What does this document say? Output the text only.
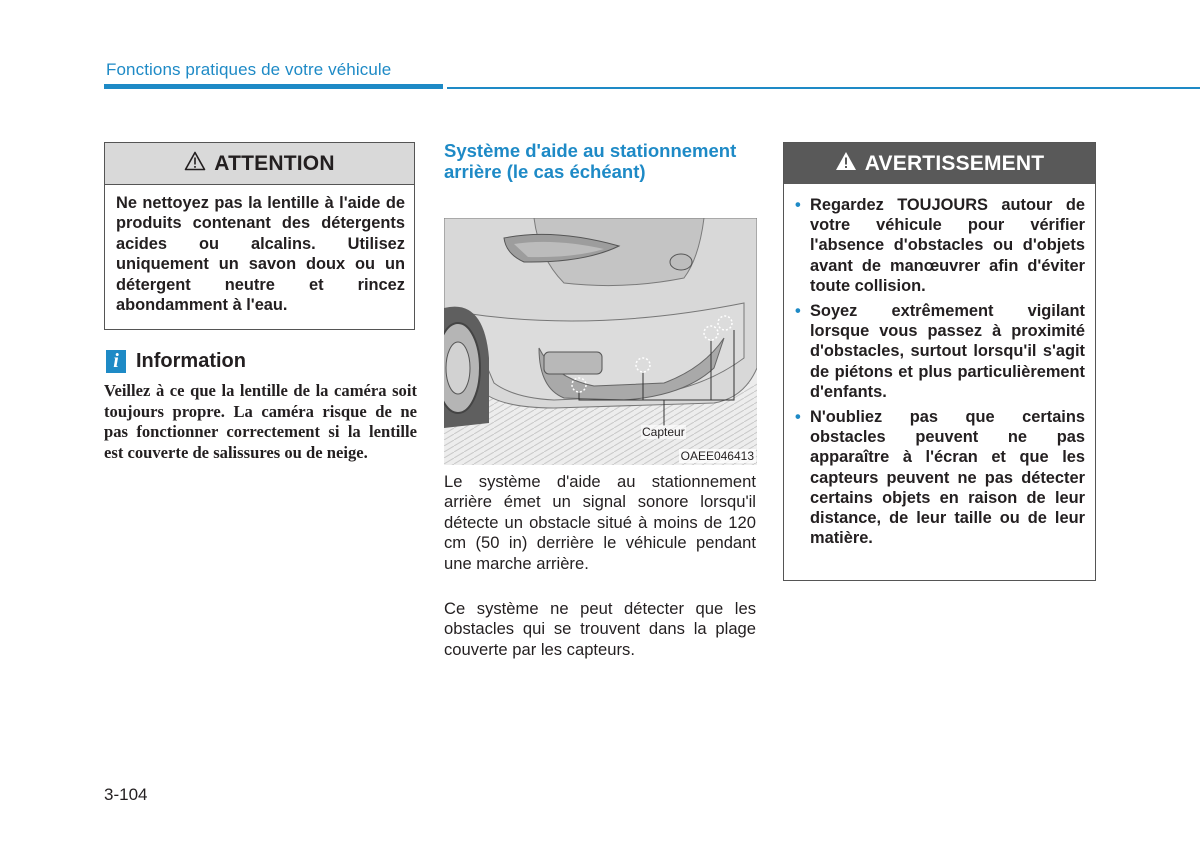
Fonctions pratiques de votre véhicule
ATTENTION
Ne nettoyez pas la lentille à l'aide de produits contenant des détergents acides ou alcalins. Utilisez uniquement un savon doux ou un détergent neutre et rincez abondamment à l'eau.
i Information
Veillez à ce que la lentille de la caméra soit toujours propre. La caméra risque de ne pas fonctionner correctement si la lentille est couverte de salissures ou de neige.
Système d'aide au stationnement arrière (le cas échéant)
Capteur
OAEE046413
Le système d'aide au stationnement arrière émet un signal sonore lorsqu'il détecte un obstacle situé à moins de 120 cm (50 in) derrière le véhicule pendant une marche arrière.
Ce système ne peut détecter que les obstacles qui se trouvent dans la plage couverte par les capteurs.
AVERTISSEMENT
• Regardez TOUJOURS autour de votre véhicule pour vérifier l'absence d'obstacles ou d'objets avant de manœuvrer afin d'éviter toute collision.
• Soyez extrêmement vigilant lorsque vous passez à proximité d'obstacles, surtout lorsqu'il s'agit de piétons et plus particulièrement d'enfants.
• N'oubliez pas que certains obstacles peuvent ne pas apparaître à l'écran et que les capteurs peuvent ne pas détecter certains objets en raison de leur distance, de leur taille ou de leur matière.
3-104
